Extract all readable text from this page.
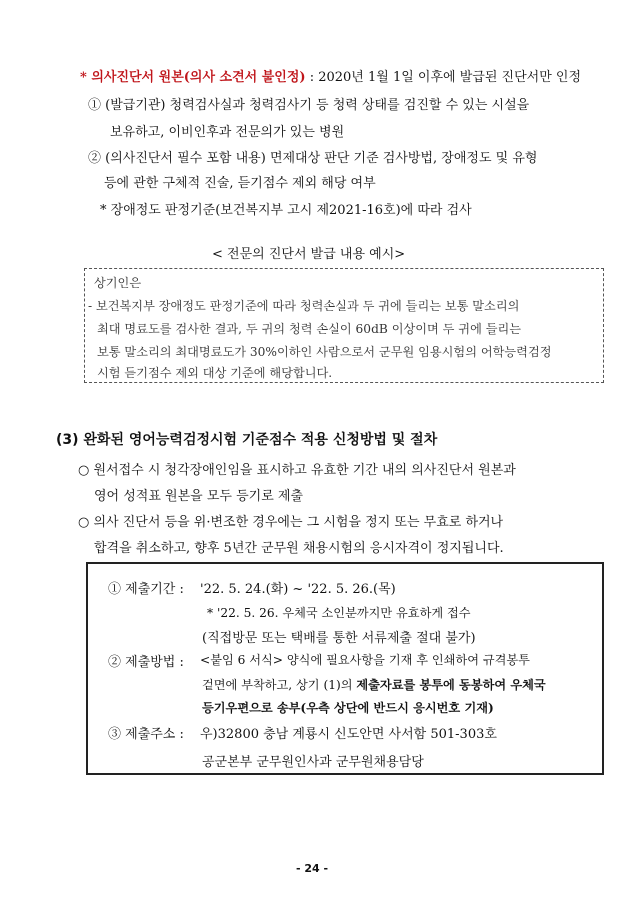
* 의사진단서 원본(의사 소견서 불인정) : 2020년 1월 1일 이후에 발급된 진단서만 인정
① (발급기관) 청력검사실과 청력검사기 등 청력 상태를 검진할 수 있는 시설을
보유하고, 이비인후과 전문의가 있는 병원
② (의사진단서 필수 포함 내용) 면제대상 판단 기준 검사방법, 장애정도 및 유형
등에 관한 구체적 진술, 듣기점수 제외 해당 여부
* 장애정도 판정기준(보건복지부 고시 제2021-16호)에 따라 검사
< 전문의 진단서 발급 내용 예시>
상기인은
- 보건복지부 장애정도 판정기준에 따라 청력손실과 두 귀에 들리는 보통 말소리의
최대 명료도를 검사한 결과, 두 귀의 청력 손실이 60dB 이상이며 두 귀에 들리는
보통 말소리의 최대명료도가 30%이하인 사람으로서 군무원 임용시험의 어학능력검정
시험 듣기점수 제외 대상 기준에 해당합니다.
(3) 완화된 영어능력검정시험 기준점수 적용 신청방법 및 절차
○ 원서접수 시 청각장애인임을 표시하고 유효한 기간 내의 의사진단서 원본과
영어 성적표 원본을 모두 등기로 제출
○ 의사 진단서 등을 위·변조한 경우에는 그 시험을 정지 또는 무효로 하거나
합격을 취소하고, 향후 5년간 군무원 채용시험의 응시자격이 정지됩니다.
① 제출기간 : '22. 5. 24.(화) ~ '22. 5. 26.(목)
* '22. 5. 26. 우체국 소인분까지만 유효하게 접수
(직접방문 또는 택배를 통한 서류제출 절대 불가)
② 제출방법 : <붙임 6 서식> 양식에 필요사항을 기재 후 인쇄하여 규격봉투
겉면에 부착하고, 상기 (1)의 제출자료를 봉투에 동봉하여 우체국
등기우편으로 송부(우측 상단에 반드시 응시번호 기재)
③ 제출주소 : 우)32800 충남 계룡시 신도안면 사서함 501-303호
공군본부 군무원인사과 군무원채용담당
- 24 -
